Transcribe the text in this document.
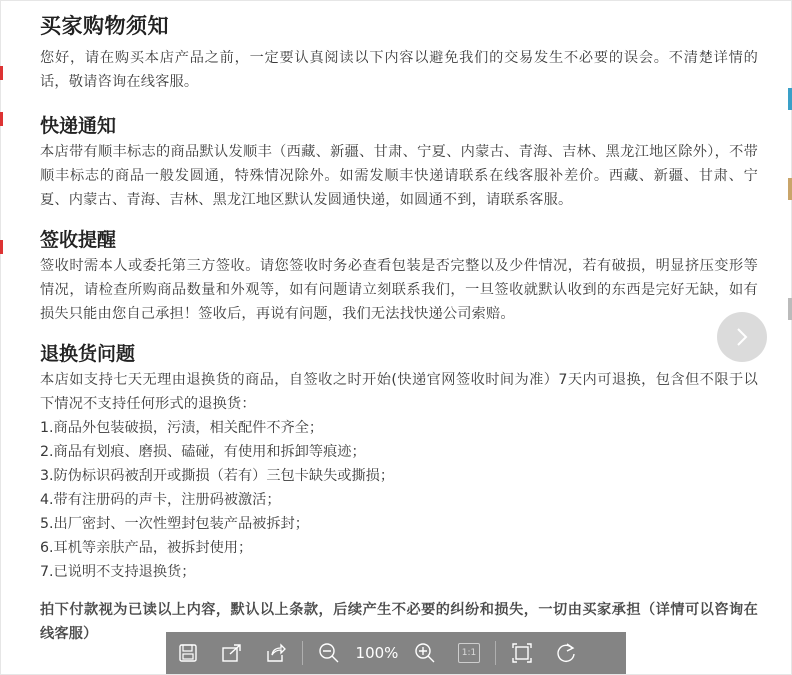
买家购物须知

您好，请在购买本店产品之前，一定要认真阅读以下内容以避免我们的交易发生不必要的误会。不清楚详情的话，敬请咨询在线客服。

快递通知

本店带有顺丰标志的商品默认发顺丰（西藏、新疆、甘肃、宁夏、内蒙古、青海、吉林、黑龙江地区除外），不带顺丰标志的商品一般发圆通，特殊情况除外。如需发顺丰快递请联系在线客服补差价。西藏、新疆、甘肃、宁夏、内蒙古、青海、吉林、黑龙江地区默认发圆通快递，如圆通不到，请联系客服。

签收提醒

签收时需本人或委托第三方签收。请您签收时务必查看包装是否完整以及少件情况，若有破损，明显挤压变形等情况，请检查所购商品数量和外观等，如有问题请立刻联系我们，一旦签收就默认收到的东西是完好无缺，如有损失只能由您自己承担！签收后，再说有问题，我们无法找快递公司索赔。

退换货问题

本店如支持七天无理由退换货的商品，自签收之时开始(快递官网签收时间为准）7天内可退换，包含但不限于以下情况不支持任何形式的退换货：

1.商品外包装破损，污渍，相关配件不齐全；
2.商品有划痕、磨损、磕碰，有使用和拆卸等痕迹；
3.防伪标识码被刮开或撕损（若有）三包卡缺失或撕损；
4.带有注册码的声卡，注册码被激活；
5.出厂密封、一次性塑封包装产品被拆封；
6.耳机等亲肤产品，被拆封使用；
7.已说明不支持退换货；

拍下付款视为已读以上内容，默认以上条款，后续产生不必要的纠纷和损失，一切由买家承担（详情可以咨询在线客服）

100%	1:1
